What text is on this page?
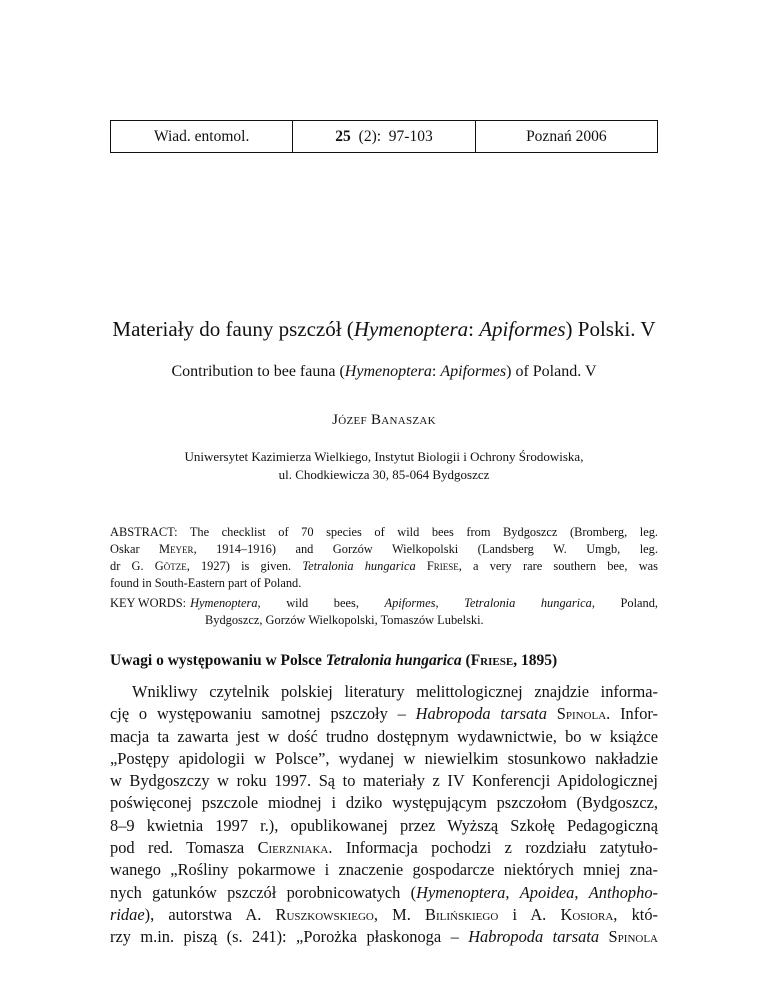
Wiad. entomol.	25 (2):  97-103	Poznań 2006
Materiały do fauny pszczół (Hymenoptera: Apiformes) Polski. V
Contribution to bee fauna (Hymenoptera: Apiformes) of Poland. V
Józef Banaszak
Uniwersytet Kazimierza Wielkiego, Instytut Biologii i Ochrony Środowiska,
ul. Chodkiewicza 30, 85-064 Bydgoszcz
ABSTRACT: The checklist of 70 species of wild bees from Bydgoszcz (Bromberg, leg.
Oskar Meyer, 1914–1916) and Gorzów Wielkopolski (Landsberg W. Umgb, leg.
dr G. Götze, 1927) is given. Tetralonia hungarica Friese, a very rare southern bee, was
found in South-Eastern part of Poland.
KEY WORDS: Hymenoptera, wild bees, Apiformes, Tetralonia hungarica, Poland,
Bydgoszcz, Gorzów Wielkopolski, Tomaszów Lubelski.
Uwagi o występowaniu w Polsce Tetralonia hungarica (Friese, 1895)
Wnikliwy czytelnik polskiej literatury melittologicznej znajdzie informa-
cję o występowaniu samotnej pszczoły – Habropoda tarsata Spinola. Infor-
macja ta zawarta jest w dość trudno dostępnym wydawnictwie, bo w książce
„Postępy apidologii w Polsce”, wydanej w niewielkim stosunkowo nakładzie
w Bydgoszczy w roku 1997. Są to materiały z IV Konferencji Apidologicznej
poświęconej pszczole miodnej i dziko występującym pszczołom (Bydgoszcz,
8–9 kwietnia 1997 r.), opublikowanej przez Wyższą Szkołę Pedagogiczną
pod red. Tomasza Cierzniaka. Informacja pochodzi z rozdziału zatytuło-
wanego „Rośliny pokarmowe i znaczenie gospodarcze niektórych mniej zna-
nych gatunków pszczół porobnicowatych (Hymenoptera, Apoidea, Anthopho-
ridae), autorstwa A. Ruszkowskiego, M. Bilińskiego i A. Kosiora, któ-
rzy m.in. piszą (s. 241): „Porożka płaskonoga – Habropoda tarsata Spinola
